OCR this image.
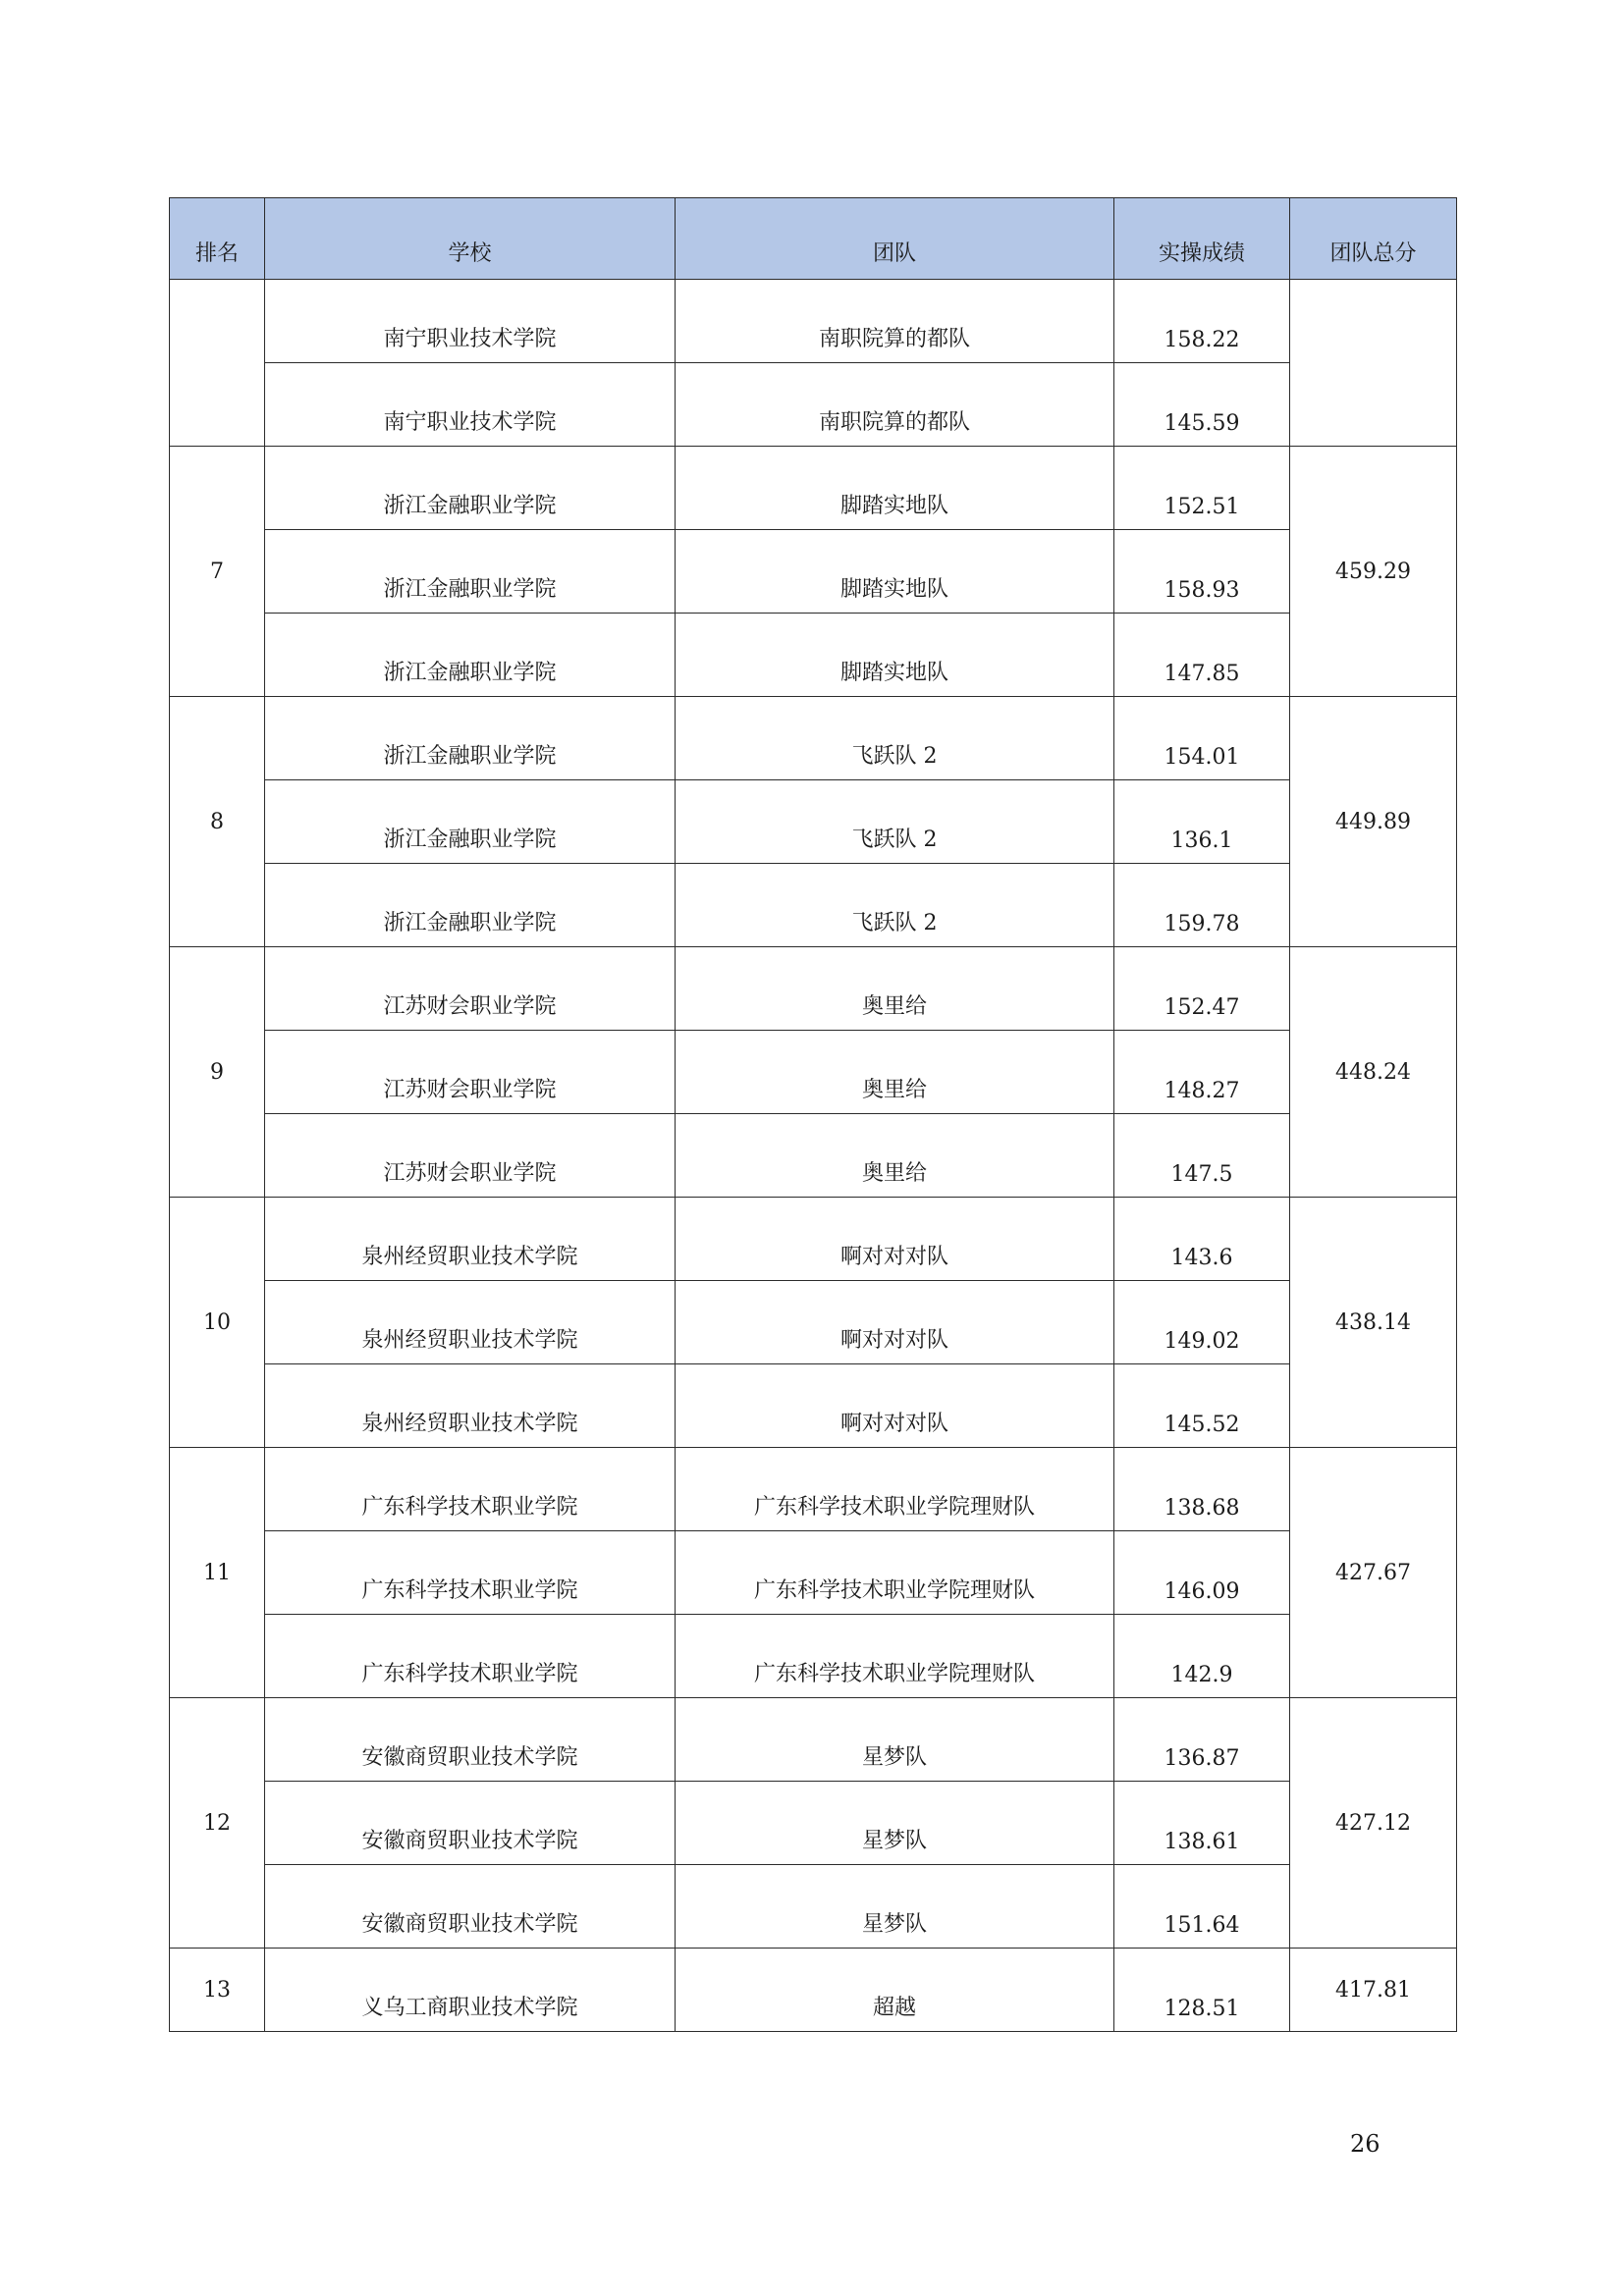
排名	学校	团队	实操成绩	团队总分
	南宁职业技术学院	南职院算的都队	158.22	
	南宁职业技术学院	南职院算的都队	145.59	
7	浙江金融职业学院	脚踏实地队	152.51	459.29
	浙江金融职业学院	脚踏实地队	158.93	
	浙江金融职业学院	脚踏实地队	147.85	
8	浙江金融职业学院	飞跃队 2	154.01	449.89
	浙江金融职业学院	飞跃队 2	136.1	
	浙江金融职业学院	飞跃队 2	159.78	
9	江苏财会职业学院	奥里给	152.47	448.24
	江苏财会职业学院	奥里给	148.27	
	江苏财会职业学院	奥里给	147.5	
10	泉州经贸职业技术学院	啊对对对队	143.6	438.14
	泉州经贸职业技术学院	啊对对对队	149.02	
	泉州经贸职业技术学院	啊对对对队	145.52	
11	广东科学技术职业学院	广东科学技术职业学院理财队	138.68	427.67
	广东科学技术职业学院	广东科学技术职业学院理财队	146.09	
	广东科学技术职业学院	广东科学技术职业学院理财队	142.9	
12	安徽商贸职业技术学院	星梦队	136.87	427.12
	安徽商贸职业技术学院	星梦队	138.61	
	安徽商贸职业技术学院	星梦队	151.64	
13	义乌工商职业技术学院	超越	128.51	417.81
26
